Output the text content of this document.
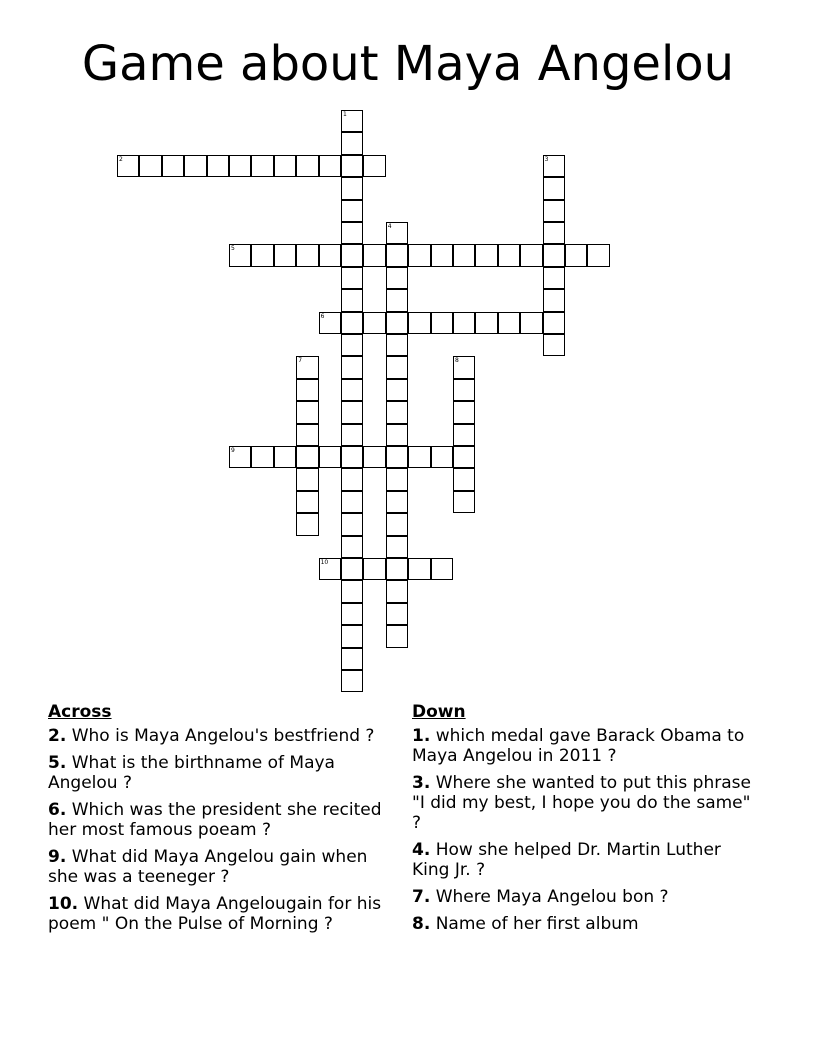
Game about Maya Angelou
1
2	3
4
5
6
7	8
9
10
Across
2. Who is Maya Angelou's bestfriend ?
5. What is the birthname of Maya Angelou ?
6. Which was the president she recited her most famous poeam ?
9. What did Maya Angelou gain when she was a teeneger ?
10. What did Maya Angelougain for his poem " On the Pulse of Morning ?
Down
1. which medal gave Barack Obama to Maya Angelou in 2011 ?
3. Where she wanted to put this phrase "I did my best, I hope you do the same" ?
4. How she helped Dr. Martin Luther King Jr. ?
7. Where Maya Angelou bon ?
8. Name of her first album
